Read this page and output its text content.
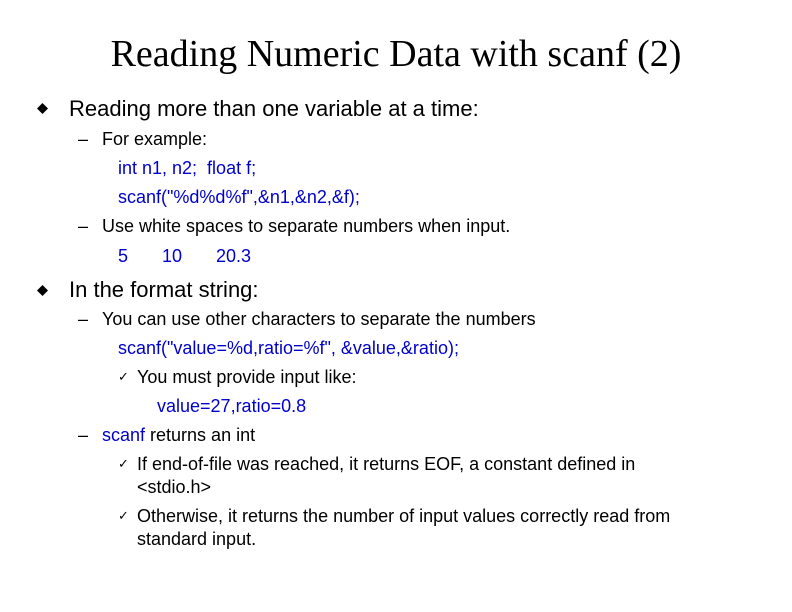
Reading Numeric Data with scanf (2)
Reading more than one variable at a time:
– For example:
int n1, n2;  float f;
scanf("%d%d%f",&n1,&n2,&f);
– Use white spaces to separate numbers when input.
5 10 20.3
In the format string:
– You can use other characters to separate the numbers
scanf("value=%d,ratio=%f", &value,&ratio);
✓ You must provide input like:
value=27,ratio=0.8
– scanf returns an int
✓ If end-of-file was reached, it returns EOF, a constant defined in
<stdio.h>
✓ Otherwise, it returns the number of input values correctly read from
standard input.
